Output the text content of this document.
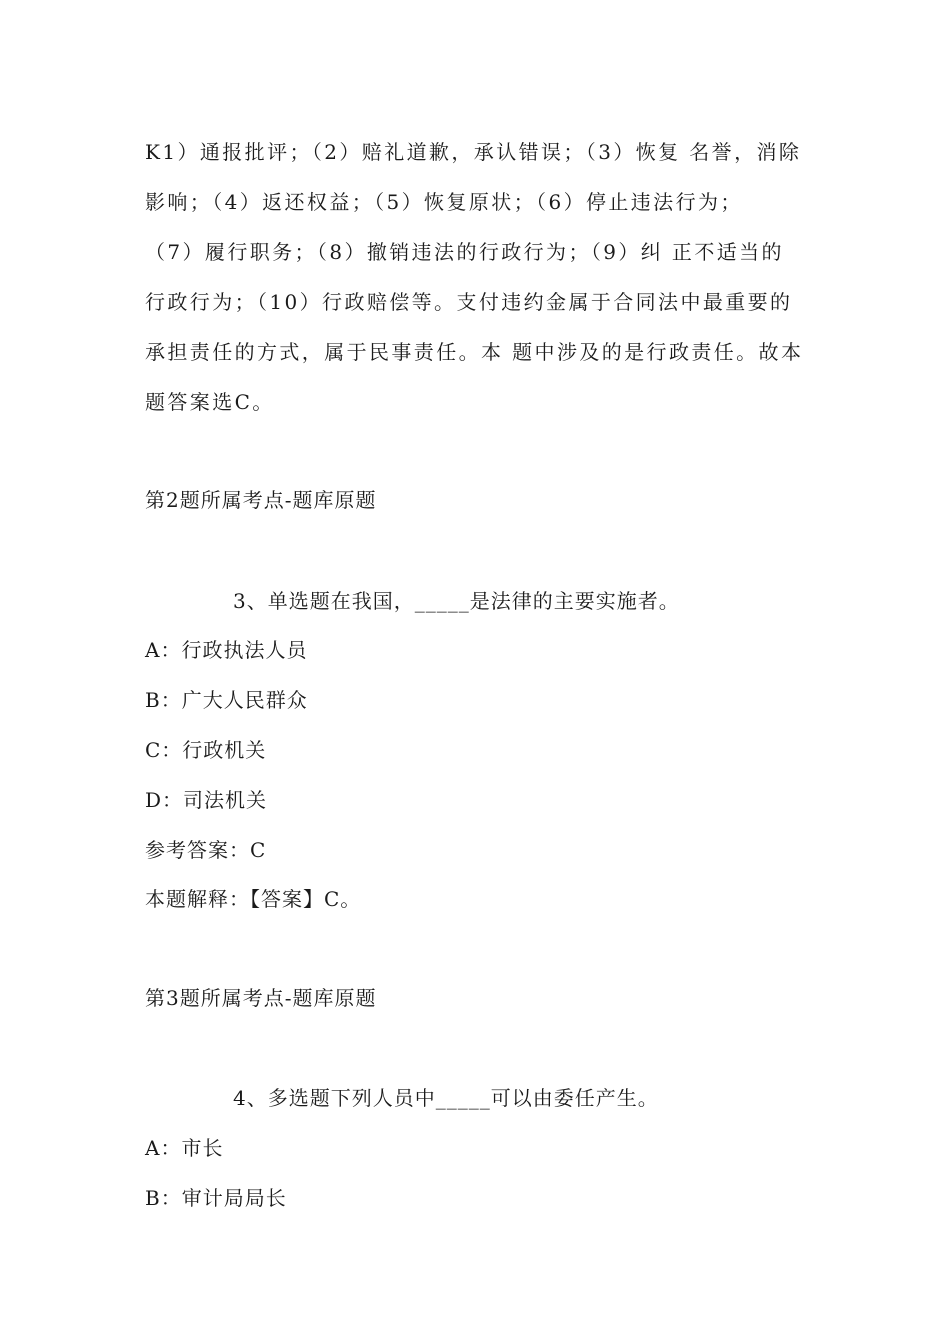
K1）通报批评；（2）赔礼道歉，承认错误；（3）恢复 名誉，消除
影响；（4）返还权益；（5）恢复原状；（6）停止违法行为；
（7）履行职务；（8）撤销违法的行政行为；（9）纠 正不适当的
行政行为；（10）行政赔偿等。支付违约金属于合同法中最重要的
承担责任的方式，属于民事责任。本 题中涉及的是行政责任。故本
题答案选C。
第2题所属考点-题库原题
3、单选题在我国，_____是法律的主要实施者。
A：行政执法人员
B：广大人民群众
C：行政机关
D：司法机关
参考答案：C
本题解释：【答案】C。
第3题所属考点-题库原题
4、多选题下列人员中_____可以由委任产生。
A：市长
B：审计局局长
